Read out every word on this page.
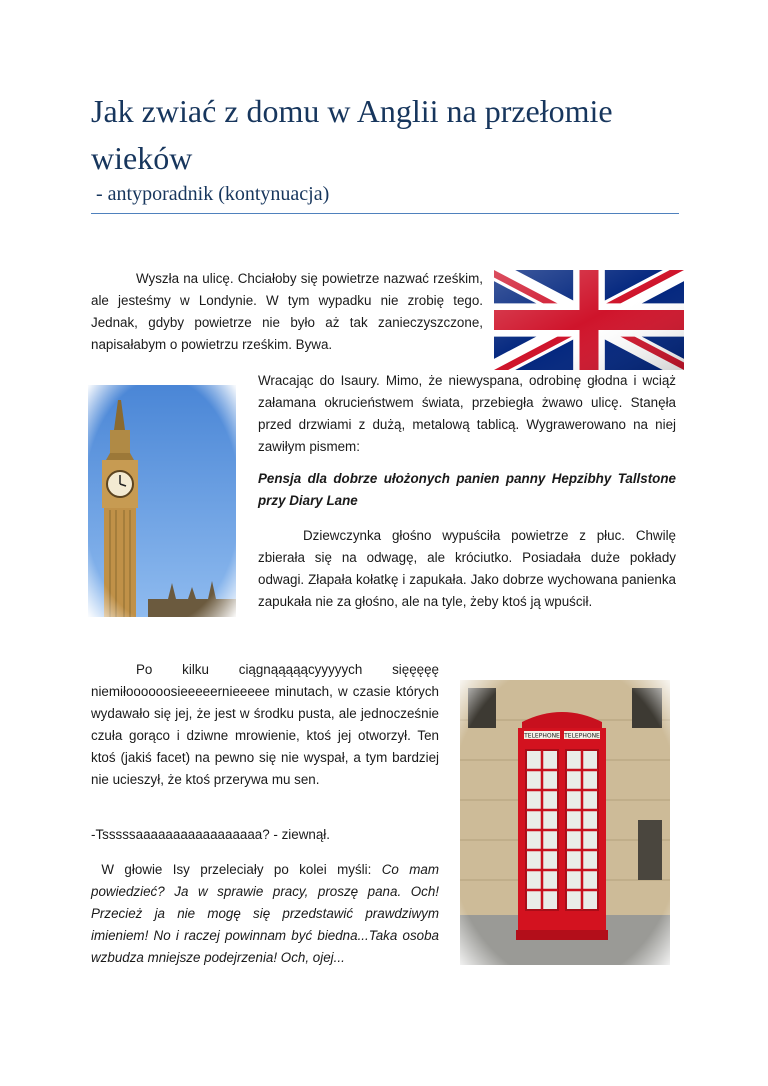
Jak zwiać z domu w Anglii na przełomie wieków
- antyporadnik (kontynuacja)

Wyszła na ulicę. Chciałoby się powietrze nazwać rześkim, ale jesteśmy w Londynie. W tym wypadku nie zrobię tego. Jednak, gdyby powietrze nie było aż tak zanieczyszczone, napisałabym o powietrzu rześkim. Bywa.

Wracając do Isaury. Mimo, że niewyspana, odrobinę głodna i wciąż załamana okrucieństwem świata, przebiegła żwawo ulicę. Stanęła przed drzwiami z dużą, metalową tablicą. Wygrawerowano na niej zawiłym pismem:

Pensja dla dobrze ułożonych panien panny Hepzibhy Tallstone przy Diary Lane

Dziewczynka głośno wypuściła powietrze z płuc. Chwilę zbierała się na odwagę, ale króciutko. Posiadała duże pokłady odwagi. Złapała kołatkę i zapukała. Jako dobrze wychowana panienka zapukała nie za głośno, ale na tyle, żeby ktoś ją wpuścił.

Po kilku ciągnąąąąącyyyyych sięęęęę niemiłoooooosieeeeernieeeee minutach, w czasie których wydawało się jej, że jest w środku pusta, ale jednocześnie czuła gorąco i dziwne mrowienie, ktoś jej otworzył. Ten ktoś (jakiś facet) na pewno się nie wyspał, a tym bardziej nie ucieszył, że ktoś przerywa mu sen.

-Tsssssaaaaaaaaaaaaaaaaa? - ziewnął.

W głowie Isy przeleciały po kolei myśli: Co mam powiedzieć? Ja w sprawie pracy, proszę pana. Och! Przecież ja nie mogę się przedstawić prawdziwym imieniem! No i raczej powinnam być biedna...Taka osoba wzbudza mniejsze podejrzenia! Och, ojej...
